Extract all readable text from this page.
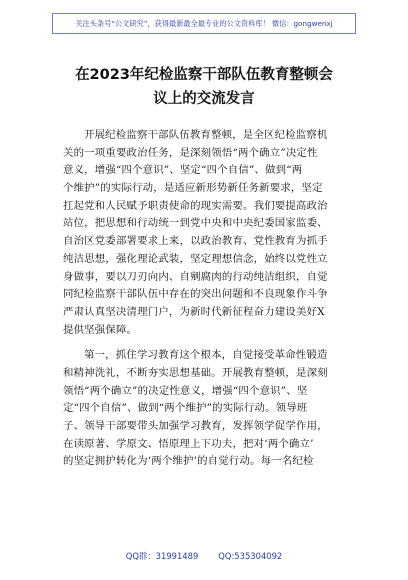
关注头条号“公文研究”，获得最新最全最专业的公文资料库！ 微信：gongwenxj
在2023年纪检监察干部队伍教育整顿会
议上的交流发言
开展纪检监察干部队伍教育整顿，是全区纪检监察机
关的一项重要政治任务，是深刻领悟“两个确立”决定性
意义，增强“四个意识”、坚定“四个自信”、做到“两
个维护”的实际行动，是适应新形势新任务新要求，坚定
扛起党和人民赋予职责使命的现实需要。我们要提高政治
站位，把思想和行动统一到党中央和中央纪委国家监委、
自治区党委部署要求上来，以政治教育、党性教育为抓手
纯洁思想，强化理论武装，坚定理想信念，始终以党性立
身做事，要以刀刃向内、自剜腐肉的行动纯洁组织，自觉
同纪检监察干部队伍中存在的突出问题和不良现象作斗争
严肃认真坚决清理门户，为新时代新征程奋力建设美好X
提供坚强保障。
第一，抓住学习教育这个根本，自觉接受革命性锻造
和精神洗礼，不断夯实思想基础。开展教育整顿，是深刻
领悟“两个确立”的决定性意义，增强“四个意识”、坚
定“四个自信”、做到“两个维护”的实际行动。领导班
子、领导干部要带头加强学习教育，发挥领学促学作用，
在读原著、学原文、悟原理上下功夫，把对‘两个确立’
的坚定拥护转化为‘两个维护’的自觉行动。每一名纪检
QQ群：31991489 QQ:535304092
